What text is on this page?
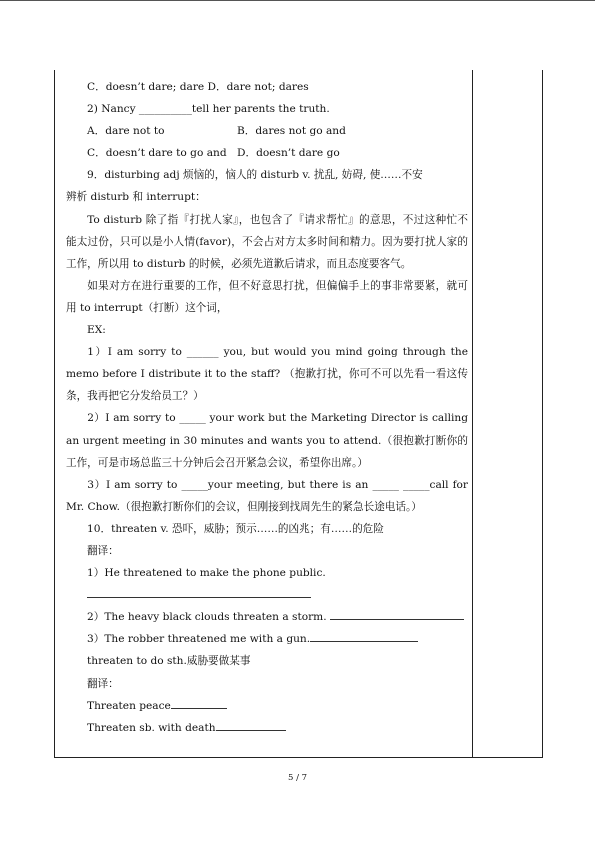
C．doesn’t dare; dare D．dare not; dares
2) Nancy __________tell her parents the truth.
A．dare not to	B．dares not go and
C．doesn’t dare to go and D．doesn’t dare go
9．disturbing adj 烦恼的，恼人的 disturb v. 扰乱, 妨碍, 使……不安
辨析 disturb 和 interrupt：
To disturb 除了指『打扰人家』，也包含了『请求帮忙』的意思，不过这种忙不能太过份，只可以是小人情(favor)，不会占对方太多时间和精力。因为要打扰人家的工作，所以用 to disturb 的时候，必须先道歉后请求，而且态度要客气。
如果对方在进行重要的工作，但不好意思打扰，但偏偏手上的事非常要紧，就可用 to interrupt（打断）这个词，
EX:
1）I am sorry to ______ you, but would you mind going through the memo before I distribute it to the staff? （抱歉打扰，你可不可以先看一看这传条，我再把它分发给员工？）
2）I am sorry to _____ your work but the Marketing Director is calling an urgent meeting in 30 minutes and wants you to attend.（很抱歉打断你的工作，可是市场总监三十分钟后会召开紧急会议，希望你出席。）
3）I am sorry to _____your meeting, but there is an _____ _____call for Mr. Chow.（很抱歉打断你们的会议，但刚接到找周先生的紧急长途电话。）
10．threaten v. 恐吓，威胁；预示……的凶兆；有……的危险
翻译：
1）He threatened to make the phone public.
2）The heavy black clouds threaten a storm.
3）The robber threatened me with a gun.
threaten to do sth.威胁要做某事
翻译：
Threaten peace
Threaten sb. with death
5 / 7
